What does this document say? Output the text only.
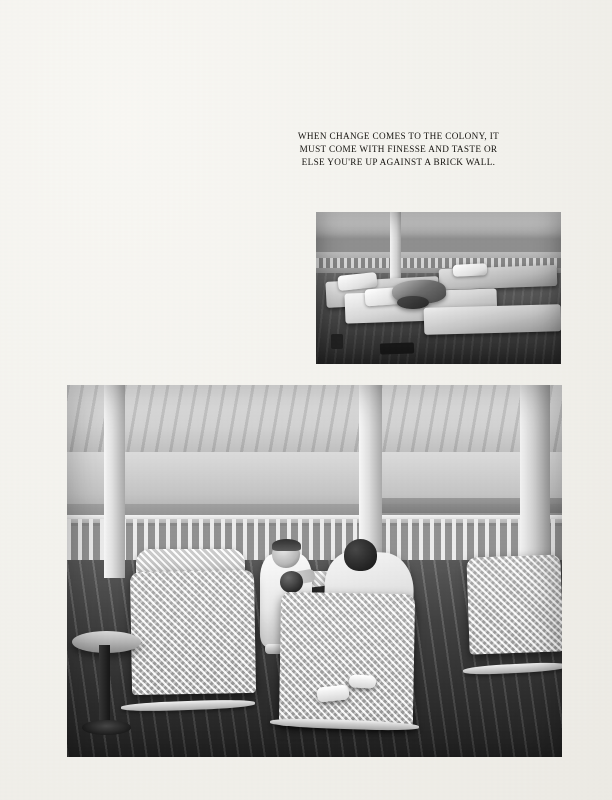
WHEN CHANGE COMES TO THE COLONY, IT
MUST COME WITH FINESSE AND TASTE OR
ELSE YOU'RE UP AGAINST A BRICK WALL.
